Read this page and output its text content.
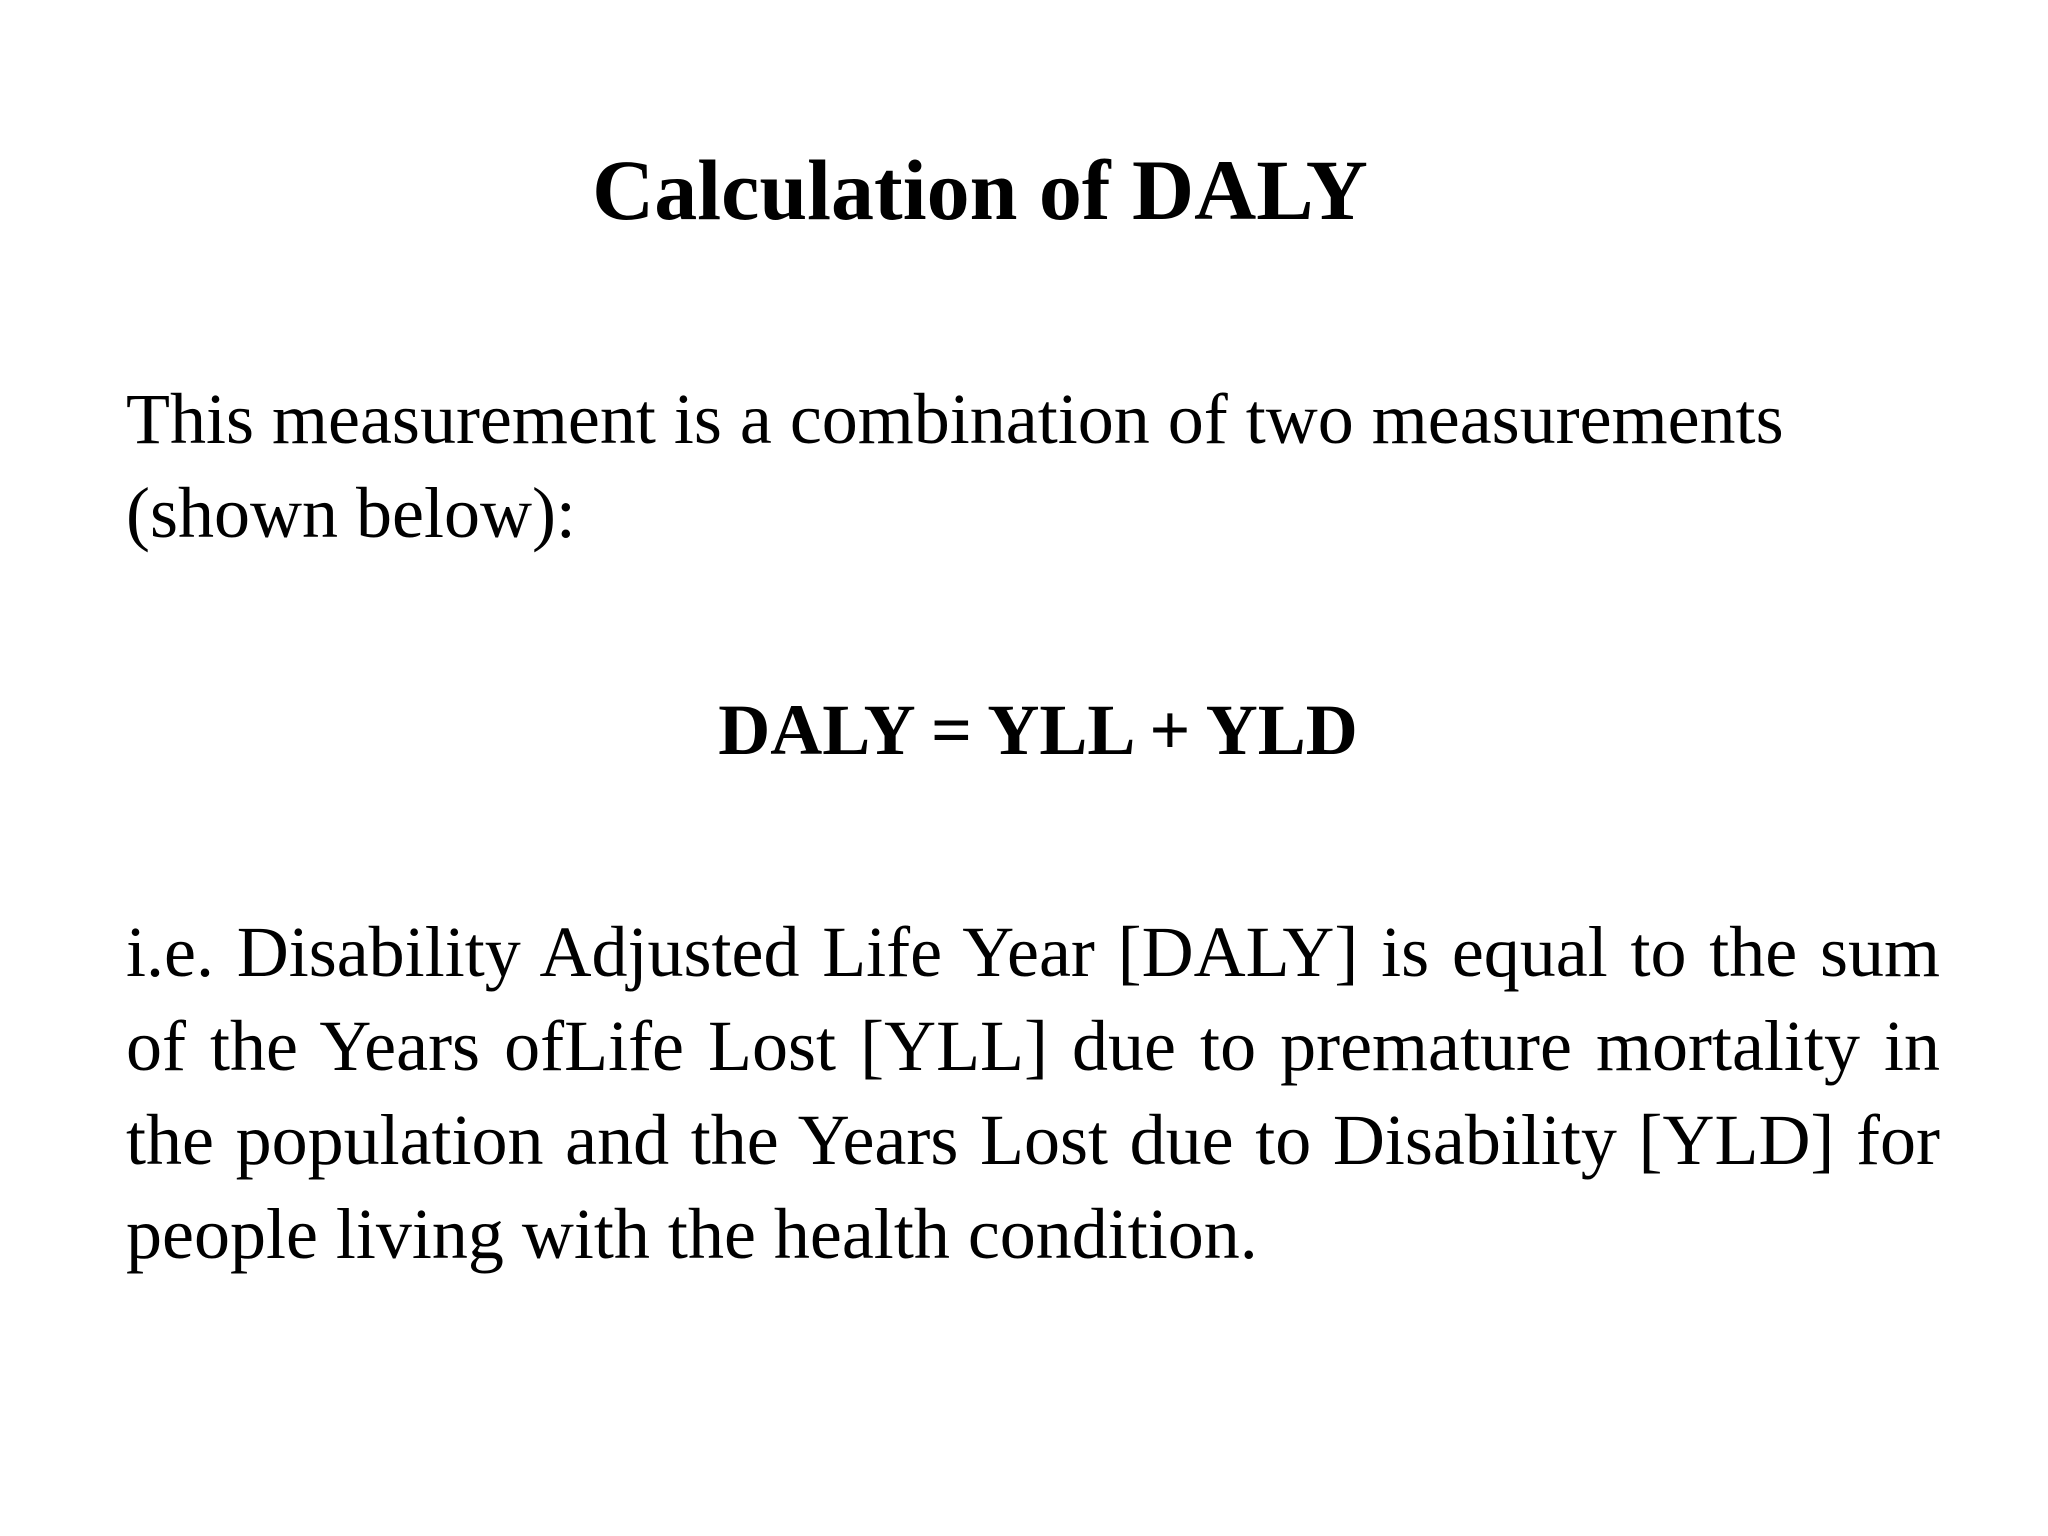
Calculation of DALY

This measurement is a combination of two measurements (shown below):

DALY = YLL + YLD

i.e. Disability Adjusted Life Year [DALY] is equal to the sum of the Years ofLife Lost [YLL] due to premature mortality in the population and the Years Lost due to Disability [YLD] for people living with the health condition.
